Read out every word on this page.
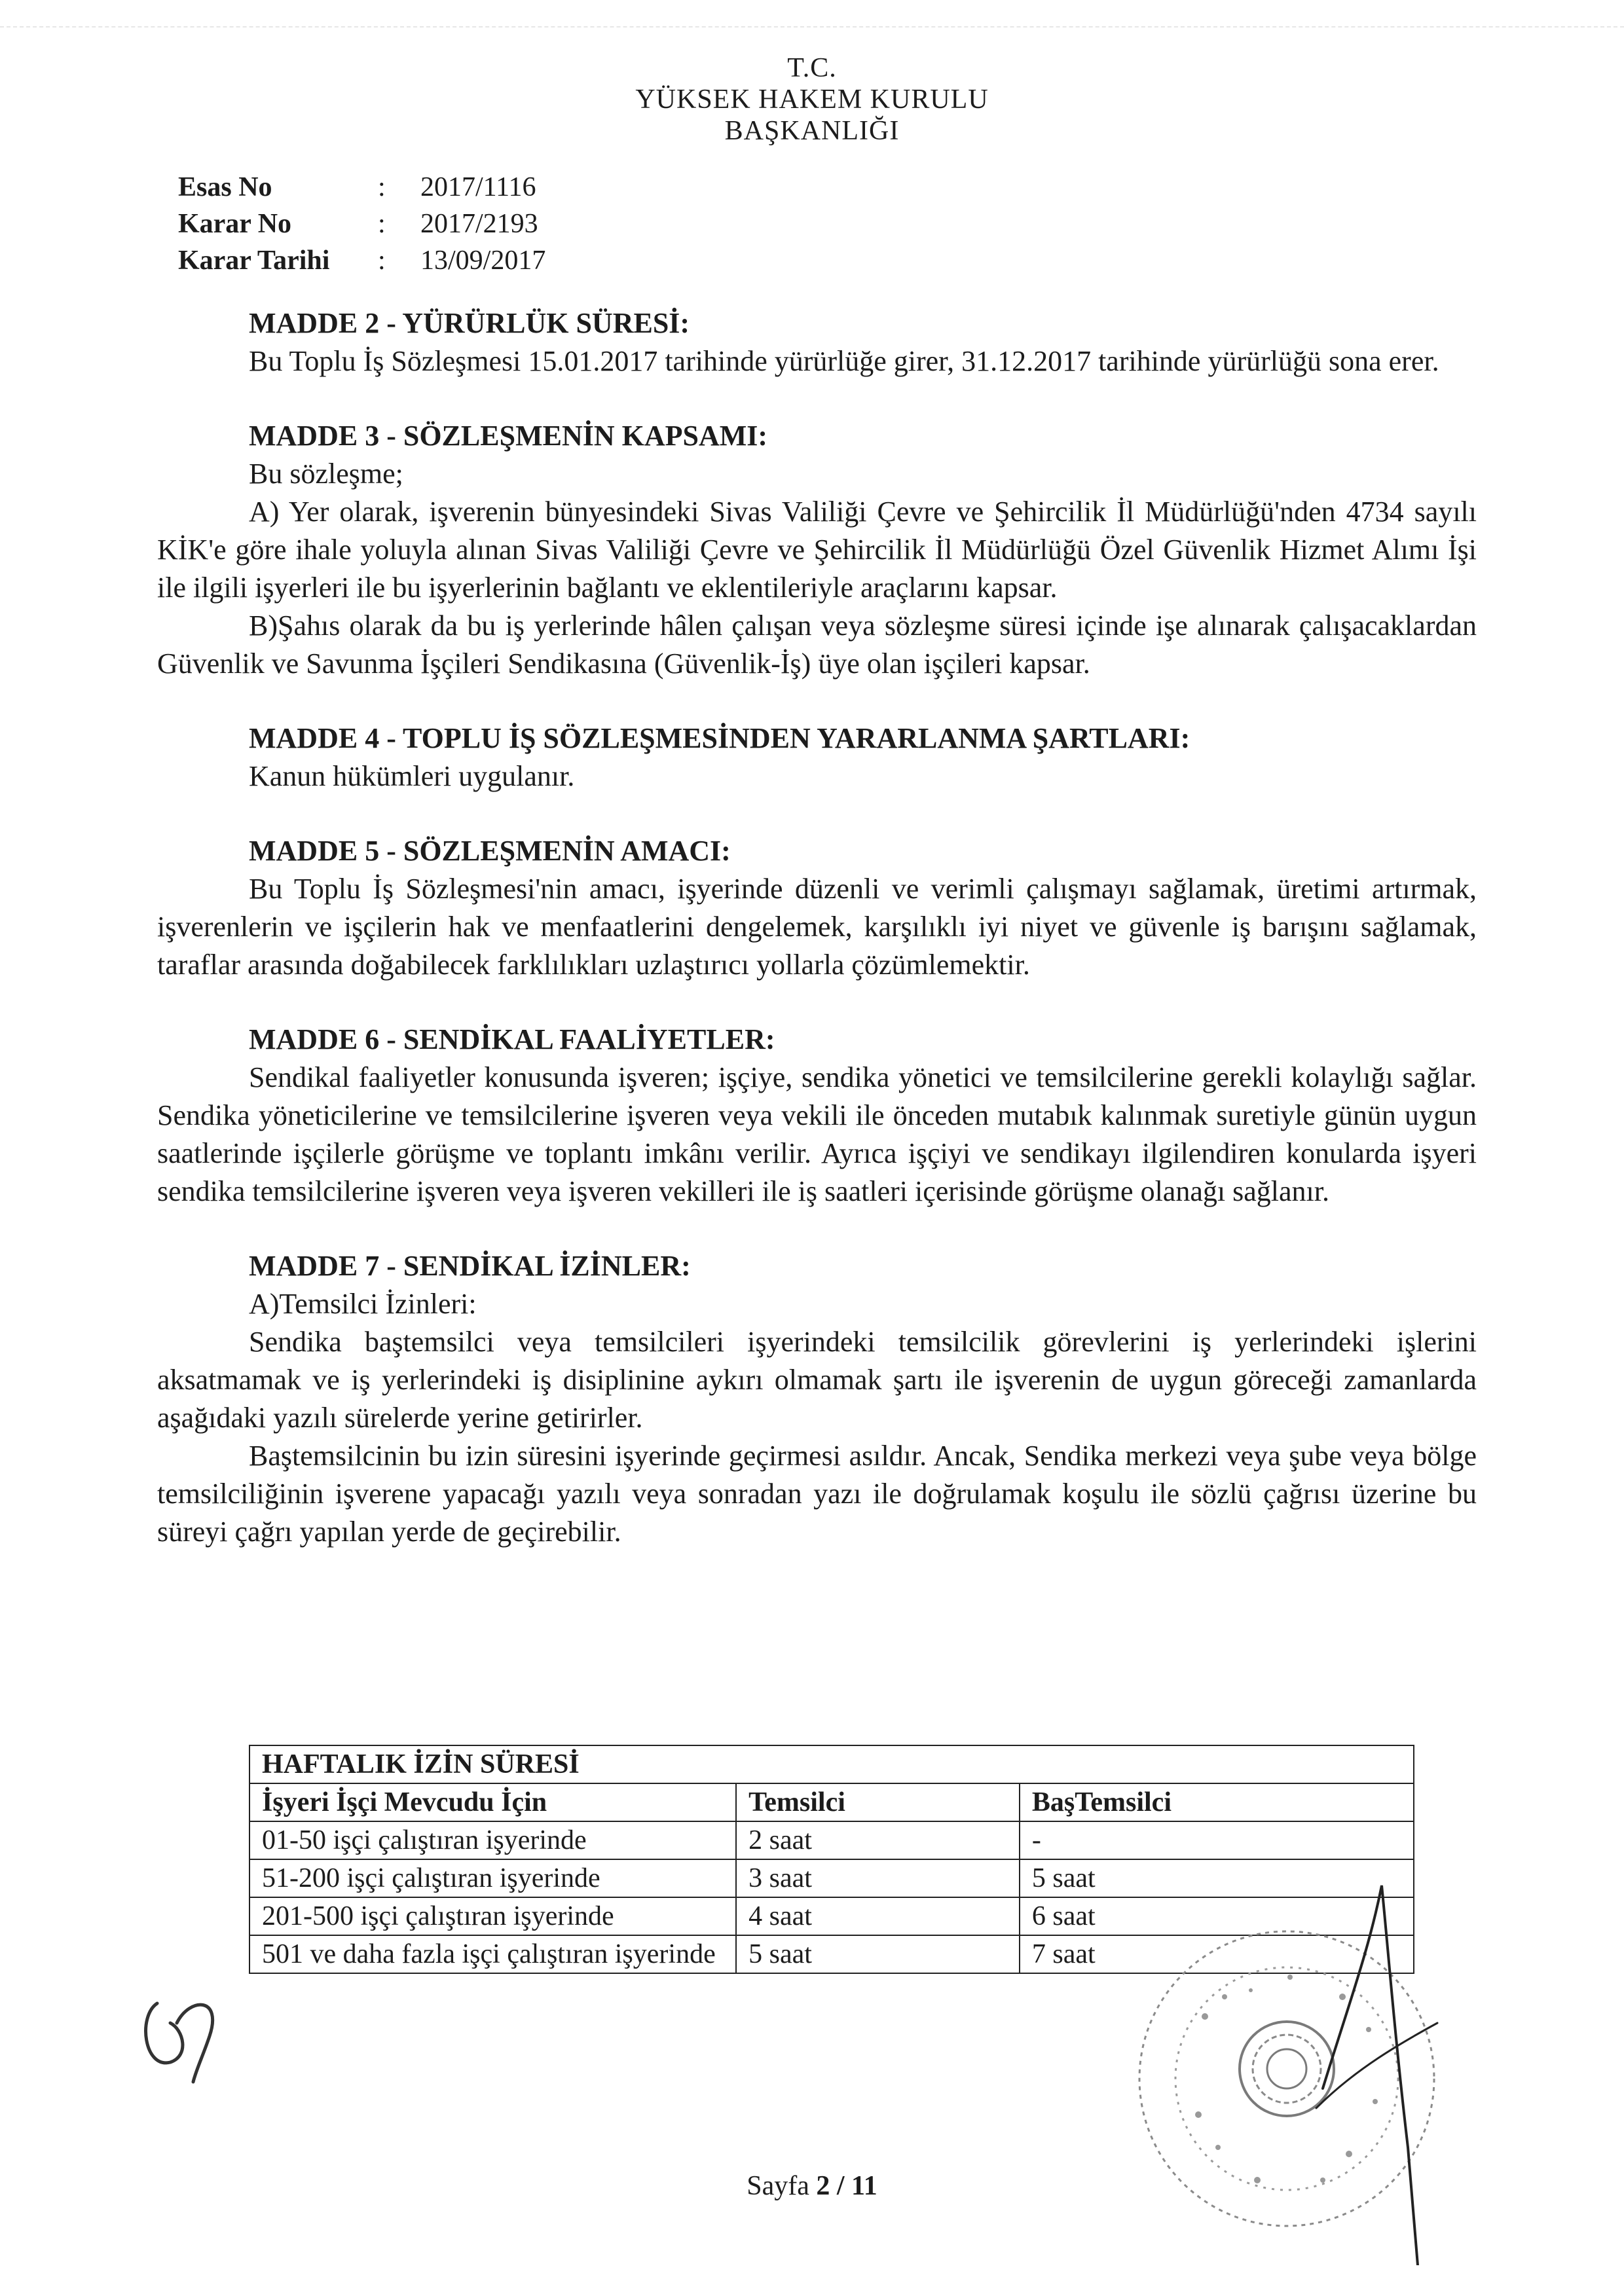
T.C.
YÜKSEK HAKEM KURULU
BAŞKANLIĞI
Esas No	: 2017/1116
Karar No	: 2017/2193
Karar Tarihi : 13/09/2017

MADDE 2 - YÜRÜRLÜK SÜRESİ:

Bu Toplu İş Sözleşmesi 15.01.2017 tarihinde yürürlüğe girer, 31.12.2017 tarihinde yürürlüğü sona erer.

MADDE 3 - SÖZLEŞMENİN KAPSAMI:

Bu sözleşme;

A) Yer olarak, işverenin bünyesindeki Sivas Valiliği Çevre ve Şehircilik İl Müdürlüğü'nden 4734 sayılı KİK'e göre ihale yoluyla alınan Sivas Valiliği Çevre ve Şehircilik İl Müdürlüğü Özel Güvenlik Hizmet Alımı İşi ile ilgili işyerleri ile bu işyerlerinin bağlantı ve eklentileriyle araçlarını kapsar.

B)Şahıs olarak da bu iş yerlerinde hâlen çalışan veya sözleşme süresi içinde işe alınarak çalışacaklardan Güvenlik ve Savunma İşçileri Sendikasına (Güvenlik-İş) üye olan işçileri kapsar.

MADDE 4 - TOPLU İŞ SÖZLEŞMESİNDEN YARARLANMA ŞARTLARI:

Kanun hükümleri uygulanır.

MADDE 5 - SÖZLEŞMENİN AMACI:

Bu Toplu İş Sözleşmesi'nin amacı, işyerinde düzenli ve verimli çalışmayı sağlamak, üretimi artırmak, işverenlerin ve işçilerin hak ve menfaatlerini dengelemek, karşılıklı iyi niyet ve güvenle iş barışını sağlamak, taraflar arasında doğabilecek farklılıkları uzlaştırıcı yollarla çözümlemektir.

MADDE 6 - SENDİKAL FAALİYETLER:

Sendikal faaliyetler konusunda işveren; işçiye, sendika yönetici ve temsilcilerine gerekli kolaylığı sağlar. Sendika yöneticilerine ve temsilcilerine işveren veya vekili ile önceden mutabık kalınmak suretiyle günün uygun saatlerinde işçilerle görüşme ve toplantı imkânı verilir. Ayrıca işçiyi ve sendikayı ilgilendiren konularda işyeri sendika temsilcilerine işveren veya işveren vekilleri ile iş saatleri içerisinde görüşme olanağı sağlanır.

MADDE 7 - SENDİKAL İZİNLER:

A)Temsilci İzinleri:

Sendika baştemsilci veya temsilcileri işyerindeki temsilcilik görevlerini iş yerlerindeki işlerini aksatmamak ve iş yerlerindeki iş disiplinine aykırı olmamak şartı ile işverenin de uygun göreceği zamanlarda aşağıdaki yazılı sürelerde yerine getirirler.

Baştemsilcinin bu izin süresini işyerinde geçirmesi asıldır. Ancak, Sendika merkezi veya şube veya bölge temsilciliğinin işverene yapacağı yazılı veya sonradan yazı ile doğrulamak koşulu ile sözlü çağrısı üzerine bu süreyi çağrı yapılan yerde de geçirebilir.

HAFTALIK İZİN SÜRESİ		
İşyeri İşçi Mevcudu İçin	Temsilci	BaşTemsilci
01-50 işçi çalıştıran işyerinde	2 saat	-
51-200 işçi çalıştıran işyerinde	3 saat	5 saat
201-500 işçi çalıştıran işyerinde	4 saat	6 saat
501 ve daha fazla işçi çalıştıran işyerinde	5 saat	7 saat
Sayfa 2 / 11
